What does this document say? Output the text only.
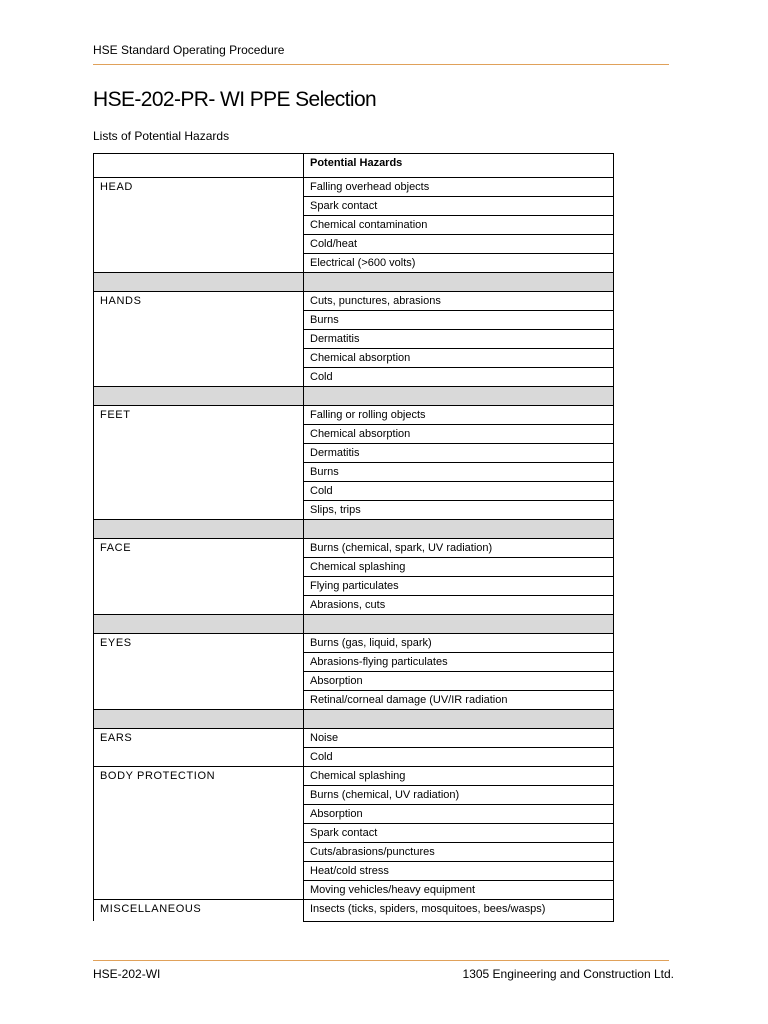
HSE Standard Operating Procedure
HSE-202-PR- WI PPE Selection
Lists of Potential Hazards
	Potential Hazards
HEAD	Falling overhead objects
	Spark contact
	Chemical contamination
	Cold/heat
	Electrical (>600 volts)

HANDS	Cuts, punctures, abrasions
	Burns
	Dermatitis
	Chemical absorption
	Cold

FEET	Falling or rolling objects
	Chemical absorption
	Dermatitis
	Burns
	Cold
	Slips, trips

FACE	Burns (chemical, spark, UV radiation)
	Chemical splashing
	Flying particulates
	Abrasions, cuts

EYES	Burns (gas, liquid, spark)
	Abrasions-flying particulates
	Absorption
	Retinal/corneal damage (UV/IR radiation

EARS	Noise
	Cold
BODY PROTECTION	Chemical splashing
	Burns (chemical, UV radiation)
	Absorption
	Spark contact
	Cuts/abrasions/punctures
	Heat/cold stress
	Moving vehicles/heavy equipment
MISCELLANEOUS	Insects (ticks, spiders, mosquitoes, bees/wasps)
HSE-202-WI	1305 Engineering and Construction Ltd.
